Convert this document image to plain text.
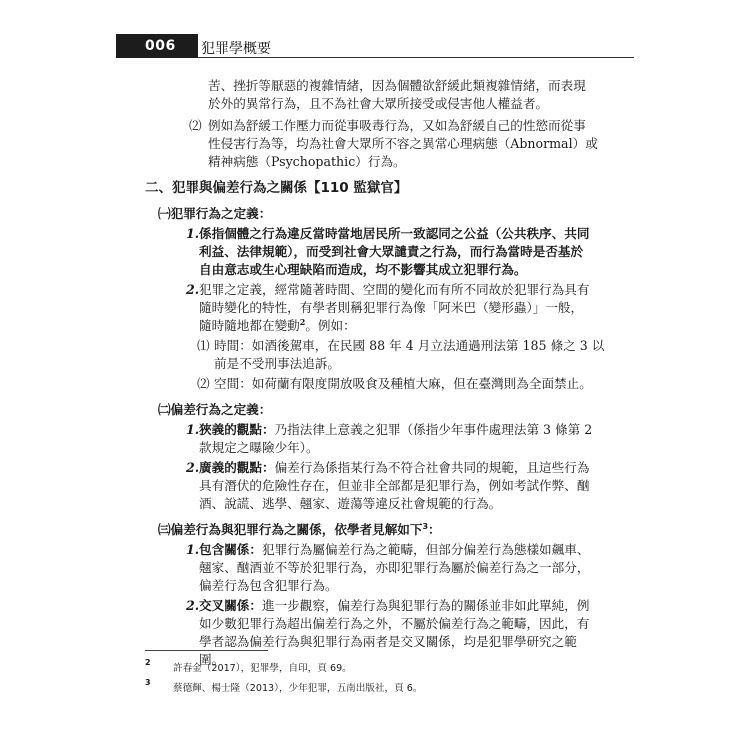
006 犯罪學概要
苦、挫折等厭惡的複雜情緒，因為個體欲舒緩此類複雜情緒，而表現
於外的異常行為，且不為社會大眾所接受或侵害他人權益者。
⑵ 例如為舒緩工作壓力而從事吸毒行為，又如為舒緩自己的性慾而從事
性侵害行為等，均為社會大眾所不容之異常心理病態（Abnormal）或
精神病態（Psychopathic）行為。
二、犯罪與偏差行為之關係【110 監獄官】
㈠犯罪行為之定義：
1. 係指個體之行為違反當時當地居民所一致認同之公益（公共秩序、共同
利益、法律規範），而受到社會大眾譴責之行為，而行為當時是否基於
自由意志或生心理缺陷而造成，均不影響其成立犯罪行為。
2. 犯罪之定義，經常隨著時間、空間的變化而有所不同故於犯罪行為具有
隨時變化的特性，有學者則稱犯罪行為像「阿米巴（變形蟲）」一般，
隨時隨地都在變動$^2$。例如：
⑴ 時間：如酒後駕車，在民國 88 年 4 月立法通過刑法第 185 條之 3 以
前是不受刑事法追訴。
⑵ 空間：如荷蘭有限度開放吸食及種植大麻，但在臺灣則為全面禁止。
㈡偏差行為之定義：
1. 狹義的觀點：乃指法律上意義之犯罪（係指少年事件處理法第 3 條第 2
款規定之曝險少年）。
2. 廣義的觀點：偏差行為係指某行為不符合社會共同的規範，且這些行為
具有潛伏的危險性存在，但並非全部都是犯罪行為，例如考試作弊、酗
酒、說謊、逃學、翹家、遊蕩等違反社會規範的行為。
㈢偏差行為與犯罪行為之關係，依學者見解如下$^3$：
1. 包含關係：犯罪行為屬偏差行為之範疇，但部分偏差行為態樣如飆車、
翹家、酗酒並不等於犯罪行為，亦即犯罪行為屬於偏差行為之一部分，
偏差行為包含犯罪行為。
2. 交叉關係：進一步觀察，偏差行為與犯罪行為的關係並非如此單純，例
如少數犯罪行為超出偏差行為之外，不屬於偏差行為之範疇，因此，有
學者認為偏差行為與犯罪行為兩者是交叉關係，均是犯罪學研究之範
圍。
2
許春金（2017），犯罪學，自印，頁 69。
3
蔡德輝、楊士隆（2013），少年犯罪，五南出版社，頁 6。
